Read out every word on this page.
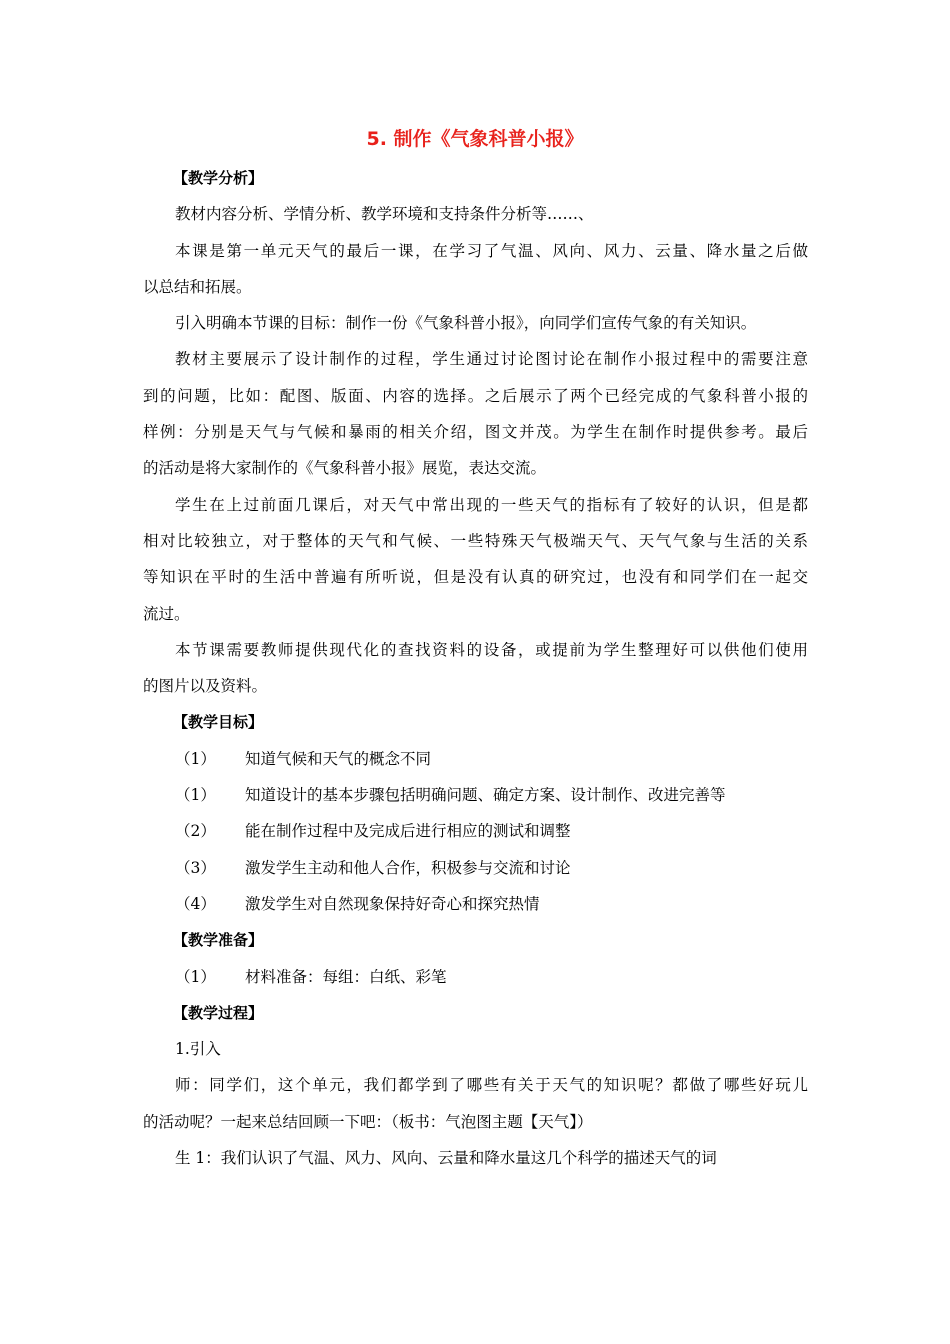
5. 制作《气象科普小报》
【教学分析】
教材内容分析、学情分析、教学环境和支持条件分析等……、
本课是第一单元天气的最后一课，在学习了气温、风向、风力、云量、降水量之后做
以总结和拓展。
引入明确本节课的目标：制作一份《气象科普小报》，向同学们宣传气象的有关知识。
教材主要展示了设计制作的过程，学生通过讨论图讨论在制作小报过程中的需要注意
到的问题，比如：配图、版面、内容的选择。之后展示了两个已经完成的气象科普小报的
样例：分别是天气与气候和暴雨的相关介绍，图文并茂。为学生在制作时提供参考。最后
的活动是将大家制作的《气象科普小报》展览，表达交流。
学生在上过前面几课后，对天气中常出现的一些天气的指标有了较好的认识，但是都
相对比较独立，对于整体的天气和气候、一些特殊天气极端天气、天气气象与生活的关系
等知识在平时的生活中普遍有所听说，但是没有认真的研究过，也没有和同学们在一起交
流过。
本节课需要教师提供现代化的查找资料的设备，或提前为学生整理好可以供他们使用
的图片以及资料。
【教学目标】
（1）	知道气候和天气的概念不同
（1）	知道设计的基本步骤包括明确问题、确定方案、设计制作、改进完善等
（2）	能在制作过程中及完成后进行相应的测试和调整
（3）	激发学生主动和他人合作，积极参与交流和讨论
（4）	激发学生对自然现象保持好奇心和探究热情
【教学准备】
（1）	材料准备：每组：白纸、彩笔
【教学过程】
1.引入
师：同学们，这个单元，我们都学到了哪些有关于天气的知识呢？都做了哪些好玩儿
的活动呢？一起来总结回顾一下吧：（板书：气泡图主题【天气】）
生 1：我们认识了气温、风力、风向、云量和降水量这几个科学的描述天气的词
